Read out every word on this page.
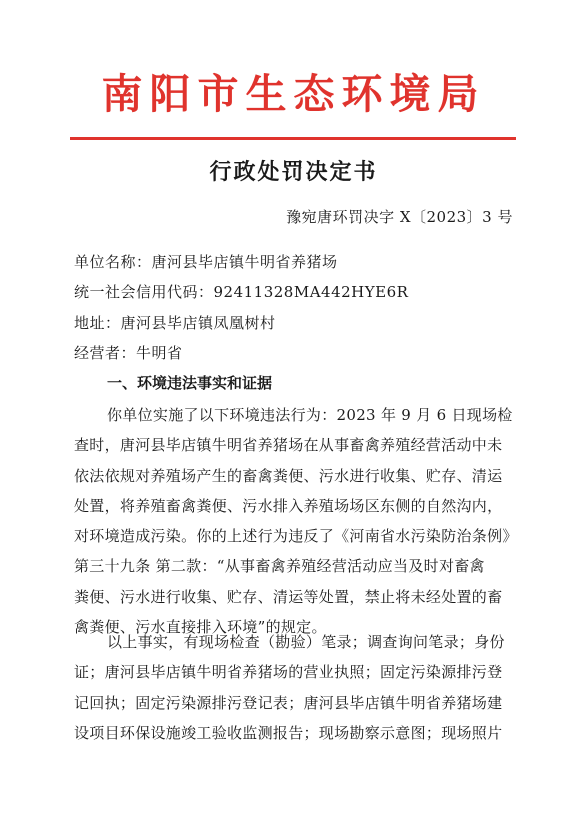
南阳市生态环境局
行政处罚决定书
豫宛唐环罚决字 X〔2023〕3 号
单位名称：唐河县毕店镇牛明省养猪场
统一社会信用代码：92411328MA442HYE6R
地址：唐河县毕店镇凤凰树村
经营者：牛明省
一、环境违法事实和证据
你单位实施了以下环境违法行为：2023 年 9 月 6 日现场检
查时，唐河县毕店镇牛明省养猪场在从事畜禽养殖经营活动中未
依法依规对养殖场产生的畜禽粪便、污水进行收集、贮存、清运
处置，将养殖畜禽粪便、污水排入养殖场场区东侧的自然沟内，
对环境造成污染。你的上述行为违反了《河南省水污染防治条例》
第三十九条 第二款：“从事畜禽养殖经营活动应当及时对畜禽
粪便、污水进行收集、贮存、清运等处置，禁止将未经处置的畜
禽粪便、污水直接排入环境”的规定。
以上事实，有现场检查（勘验）笔录；调查询问笔录；身份
证；唐河县毕店镇牛明省养猪场的营业执照；固定污染源排污登
记回执；固定污染源排污登记表；唐河县毕店镇牛明省养猪场建
设项目环保设施竣工验收监测报告；现场勘察示意图；现场照片
